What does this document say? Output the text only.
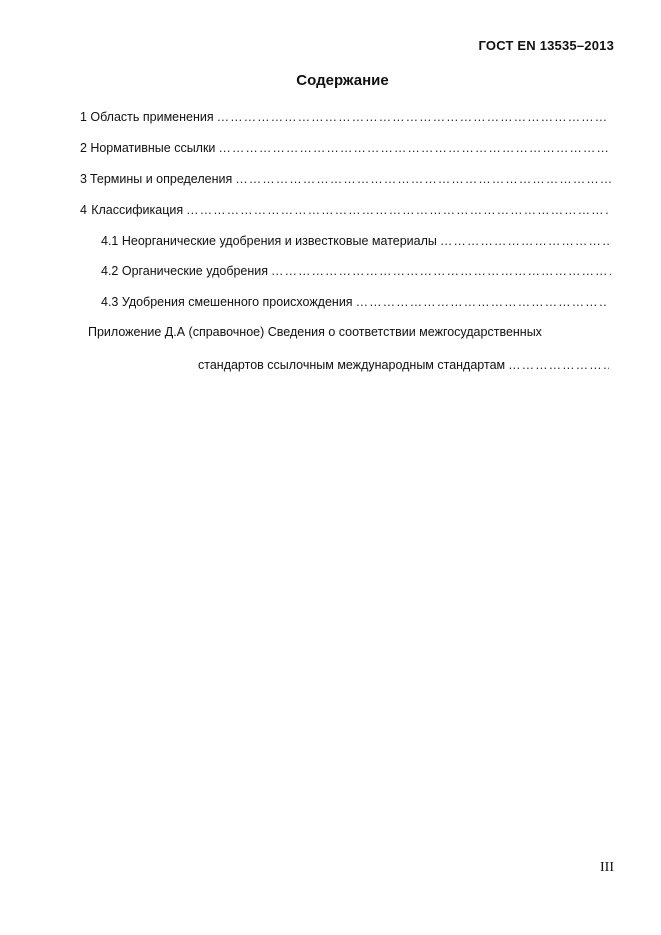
ГОСТ EN 13535–2013
Содержание
1 Область применения
……………………………………………………………………………………………………………………………………………………
2 Нормативные ссылки
……………………………………………………………………………………………………………………………………………………
3 Термины и определения
……………………………………………………………………………………………………………………………………………………
4 Классификация
……………………………………………………………………………………………………………………………………………………
4.1 Неорганические удобрения и известковые материалы
……………………………………………………………………………………………………………………………………………………
4.2 Органические удобрения
……………………………………………………………………………………………………………………………………………………
4.3 Удобрения смешенного происхождения
……………………………………………………………………………………………………………………………………………………
Приложение Д.А (справочное) Сведения о соответствии межгосударственных
стандартов ссылочным международным стандартам
……………………………………………………………………………………………………………………………………………………
III
